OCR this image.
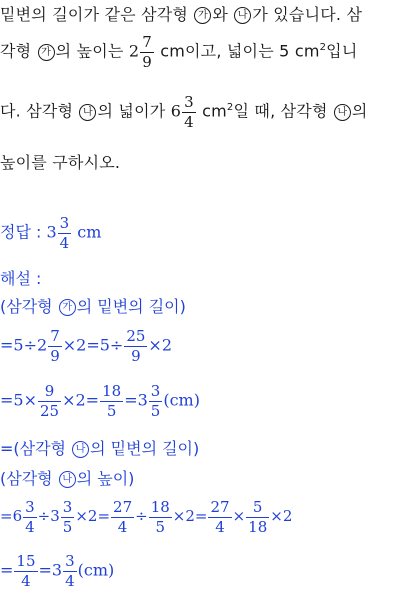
밑변의 길이가 같은 삼각형 가 와 나 가 있습니다. 삼
각형 가 의 높이는 $2 \frac{7}{9}$ cm이고, 넓이는 5 $cm^2$입니
다. 삼각형 나 의 넓이가 $6 \frac{3}{4} cm^2$일 때, 삼각형 나 의
높이를 구하시오.
정답 : $3 \frac{3}{4}$ cm
해설 :
(삼각형 가 의 밑변의 길이)
$=5\div 2 \frac{7}{9} \times 2=5\div \frac{25}{9} \times 2$
$=5\times \frac{9}{25} \times 2= \frac{18}{5} =3 \frac{3}{5} (cm)$
=(삼각형 나 의 밑변의 길이)
(삼각형 나 의 높이)
$=6 \frac{3}{4} \div 3 \frac{3}{5} \times 2= \frac{27}{4} \div \frac{18}{5} \times 2= \frac{27}{4} \times \frac{5}{18} \times 2$
= $\frac{15}{4} =3 \frac{3}{4} (cm)$
